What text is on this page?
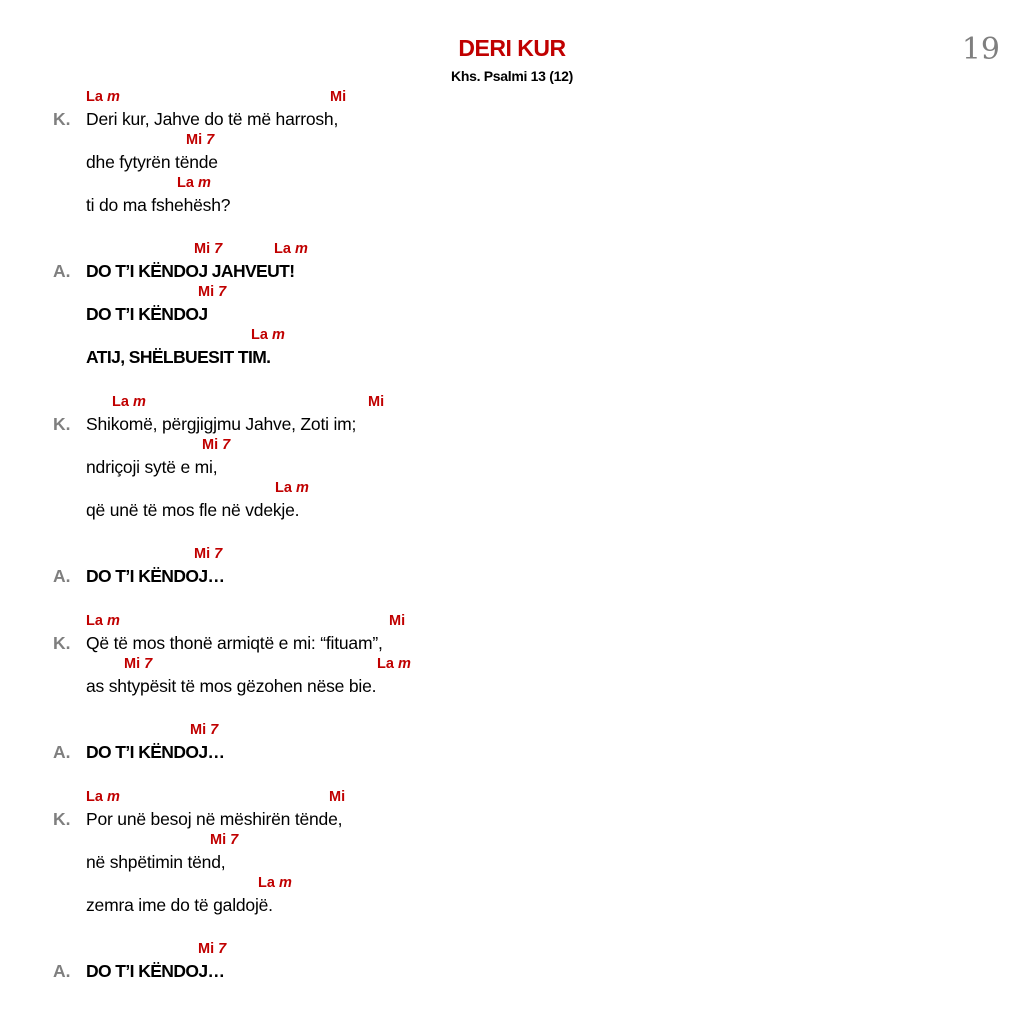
DERI KUR
Khs. Psalmi 13 (12)
19
La m	Mi
K. Deri kur, Jahve do të më harrosh,
Mi 7
dhe fytyrën tënde
La m
ti do ma fshehësh?
Mi 7	La m
A. DO T’I KËNDOJ JAHVEUT!
Mi 7
DO T’I KËNDOJ
La m
ATIJ, SHËLBUESIT TIM.
La m	Mi
K. Shikomë, përgjigjmu Jahve, Zoti im;
Mi 7
ndriçoji sytë e mi,
La m
që unë të mos fle në vdekje.
Mi 7
A. DO T’I KËNDOJ…
La m	Mi
K. Që të mos thonë armiqtë e mi: “fituam”,
Mi 7	La m
as shtypësit të mos gëzohen nëse bie.
Mi 7
A. DO T’I KËNDOJ…
La m	Mi
K. Por unë besoj në mëshirën tënde,
Mi 7
në shpëtimin tënd,
La m
zemra ime do të galdojë.
Mi 7
A. DO T’I KËNDOJ…
